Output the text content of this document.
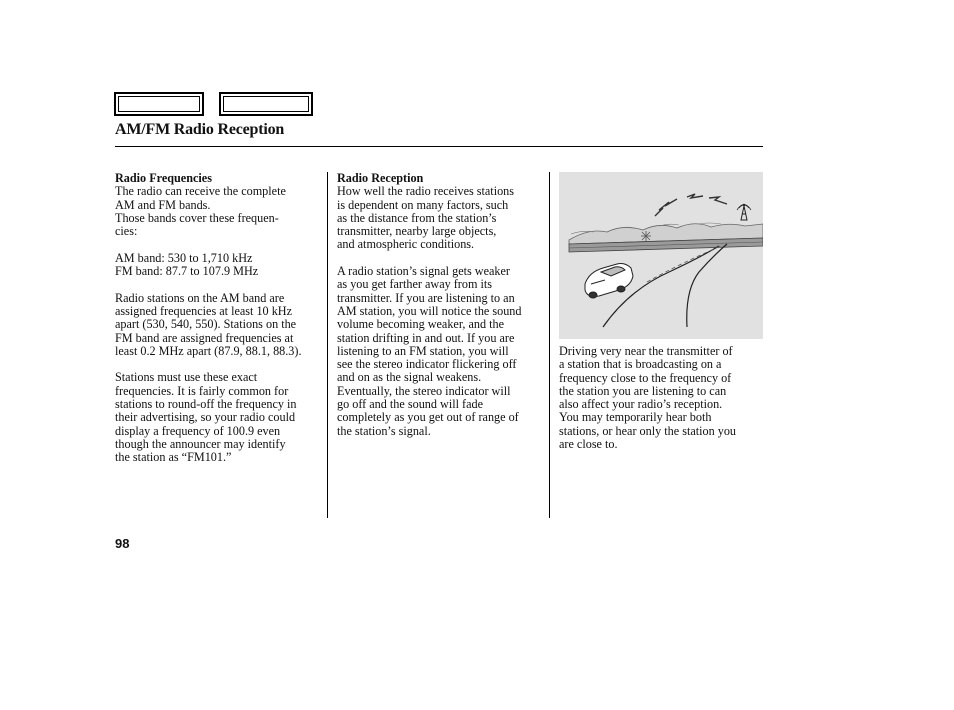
AM/FM Radio Reception
Radio Frequencies

The radio can receive the complete
AM and FM bands.
Those bands cover these frequen-
cies:

AM band: 530 to 1,710 kHz
FM band: 87.7 to 107.9 MHz

Radio stations on the AM band are
assigned frequencies at least 10 kHz
apart (530, 540, 550). Stations on the
FM band are assigned frequencies at
least 0.2 MHz apart (87.9, 88.1, 88.3).

Stations must use these exact
frequencies. It is fairly common for
stations to round-off the frequency in
their advertising, so your radio could
display a frequency of 100.9 even
though the announcer may identify
the station as “FM101.”

Radio Reception

How well the radio receives stations
is dependent on many factors, such
as the distance from the station’s
transmitter, nearby large objects,
and atmospheric conditions.

A radio station’s signal gets weaker
as you get farther away from its
transmitter. If you are listening to an
AM station, you will notice the sound
volume becoming weaker, and the
station drifting in and out. If you are
listening to an FM station, you will
see the stereo indicator flickering off
and on as the signal weakens.
Eventually, the stereo indicator will
go off and the sound will fade
completely as you get out of range of
the station’s signal.

Driving very near the transmitter of
a station that is broadcasting on a
frequency close to the frequency of
the station you are listening to can
also affect your radio’s reception.
You may temporarily hear both
stations, or hear only the station you
are close to.

98
